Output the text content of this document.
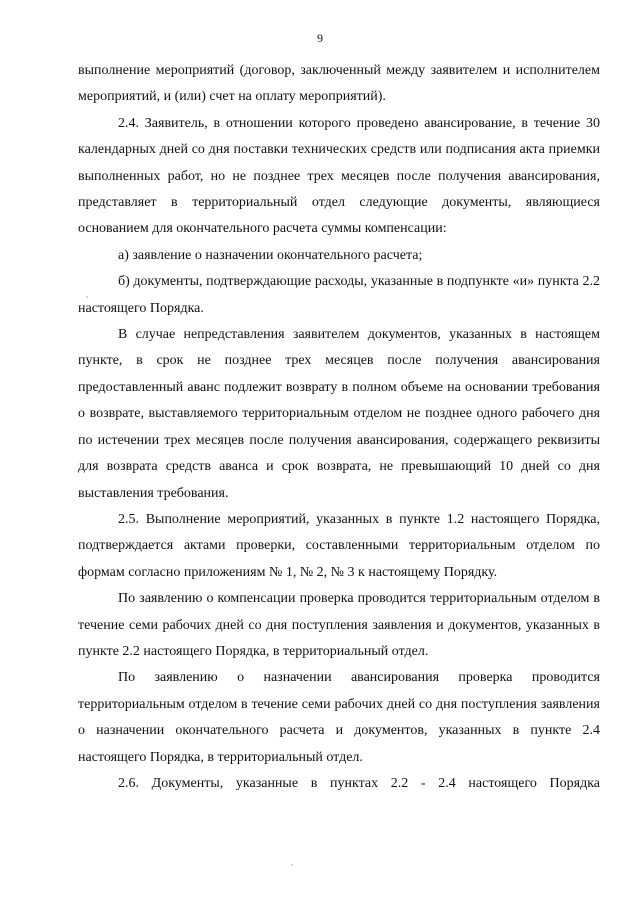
9

выполнение мероприятий (договор, заключенный между заявителем и исполнителем мероприятий, и (или) счет на оплату мероприятий).

2.4. Заявитель, в отношении которого проведено авансирование, в течение 30 календарных дней со дня поставки технических средств или подписания акта приемки выполненных работ, но не позднее трех месяцев после получения авансирования, представляет в территориальный отдел следующие документы, являющиеся основанием для окончательного расчета суммы компенсации:

а) заявление о назначении окончательного расчета;

б) документы, подтверждающие расходы, указанные в подпункте «и» пункта 2.2 настоящего Порядка.

В случае непредставления заявителем документов, указанных в настоящем пункте, в срок не позднее трех месяцев после получения авансирования предоставленный аванс подлежит возврату в полном объеме на основании требования о возврате, выставляемого территориальным отделом не позднее одного рабочего дня по истечении трех месяцев после получения авансирования, содержащего реквизиты для возврата средств аванса и срок возврата, не превышающий 10 дней со дня выставления требования.

2.5. Выполнение мероприятий, указанных в пункте 1.2 настоящего Порядка, подтверждается актами проверки, составленными территориальным отделом по формам согласно приложениям № 1, № 2, № 3 к настоящему Порядку.

По заявлению о компенсации проверка проводится территориальным отделом в течение семи рабочих дней со дня поступления заявления и документов, указанных в пункте 2.2 настоящего Порядка, в территориальный отдел.

По заявлению о назначении авансирования проверка проводится территориальным отделом в течение семи рабочих дней со дня поступления заявления о назначении окончательного расчета и документов, указанных в пункте 2.4 настоящего Порядка, в территориальный отдел.

2.6. Документы, указанные в пунктах 2.2 - 2.4 настоящего Порядка
